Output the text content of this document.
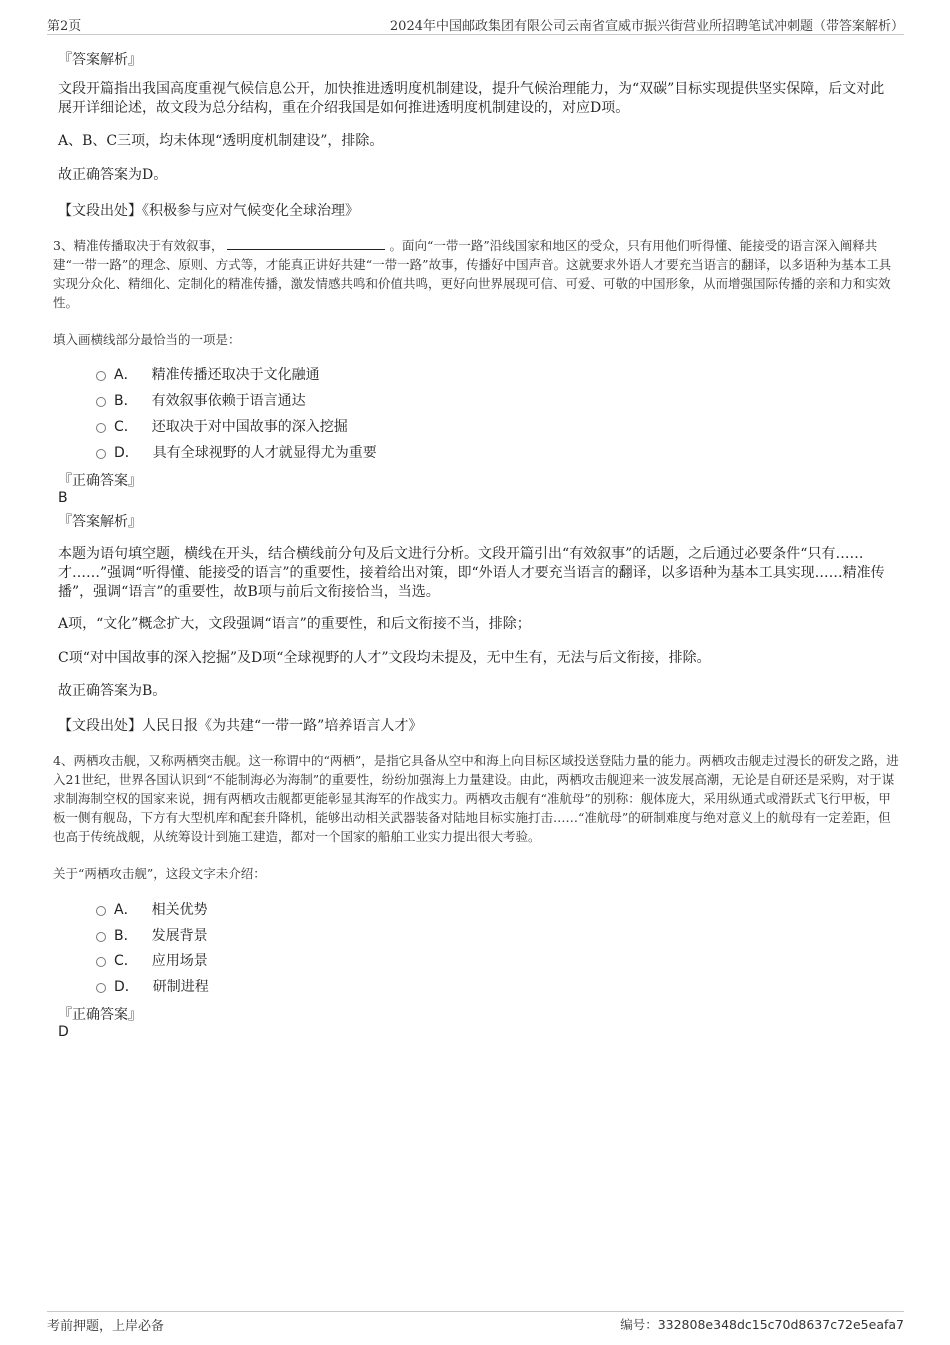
第2页	2024年中国邮政集团有限公司云南省宣威市振兴街营业所招聘笔试冲刺题（带答案解析）
『答案解析』
文段开篇指出我国高度重视气候信息公开，加快推进透明度机制建设，提升气候治理能力，为“双碳”目标实现提供坚实保障，后文对此展开详细论述，故文段为总分结构，重在介绍我国是如何推进透明度机制建设的，对应D项。
A、B、C三项，均未体现“透明度机制建设”，排除。
故正确答案为D。
【文段出处】《积极参与应对气候变化全球治理》
3、精准传播取决于有效叙事，	。面向“一带一路”沿线国家和地区的受众，只有用他们听得懂、能接受的语言深入阐释共建“一带一路”的理念、原则、方式等，才能真正讲好共建“一带一路”故事，传播好中国声音。这就要求外语人才要充当语言的翻译，以多语种为基本工具实现分众化、精细化、定制化的精准传播，激发情感共鸣和价值共鸣，更好向世界展现可信、可爱、可敬的中国形象，从而增强国际传播的亲和力和实效性。
填入画横线部分最恰当的一项是：
A． 精准传播还取决于文化融通
B． 有效叙事依赖于语言通达
C． 还取决于对中国故事的深入挖掘
D． 具有全球视野的人才就显得尤为重要
『正确答案』
B
『答案解析』
本题为语句填空题，横线在开头，结合横线前分句及后文进行分析。文段开篇引出“有效叙事”的话题，之后通过必要条件“只有……才……”强调“听得懂、能接受的语言”的重要性，接着给出对策，即“外语人才要充当语言的翻译，以多语种为基本工具实现……精准传播”，强调“语言”的重要性，故B项与前后文衔接恰当，当选。
A项，“文化”概念扩大，文段强调“语言”的重要性，和后文衔接不当，排除；
C项“对中国故事的深入挖掘”及D项“全球视野的人才”文段均未提及，无中生有，无法与后文衔接，排除。
故正确答案为B。
【文段出处】人民日报《为共建“一带一路”培养语言人才》
4、两栖攻击舰，又称两栖突击舰。这一称谓中的“两栖”，是指它具备从空中和海上向目标区域投送登陆力量的能力。两栖攻击舰走过漫长的研发之路，进入21世纪，世界各国认识到“不能制海必为海制”的重要性，纷纷加强海上力量建设。由此，两栖攻击舰迎来一波发展高潮，无论是自研还是采购，对于谋求制海制空权的国家来说，拥有两栖攻击舰都更能彰显其海军的作战实力。两栖攻击舰有“准航母”的别称：舰体庞大，采用纵通式或滑跃式飞行甲板，甲板一侧有舰岛，下方有大型机库和配套升降机，能够出动相关武器装备对陆地目标实施打击……“准航母”的研制难度与绝对意义上的航母有一定差距，但也高于传统战舰，从统筹设计到施工建造，都对一个国家的船舶工业实力提出很大考验。
关于“两栖攻击舰”，这段文字未介绍：
A． 相关优势
B． 发展背景
C． 应用场景
D． 研制进程
『正确答案』
D
考前押题，上岸必备	编号：332808e348dc15c70d8637c72e5eafa7
